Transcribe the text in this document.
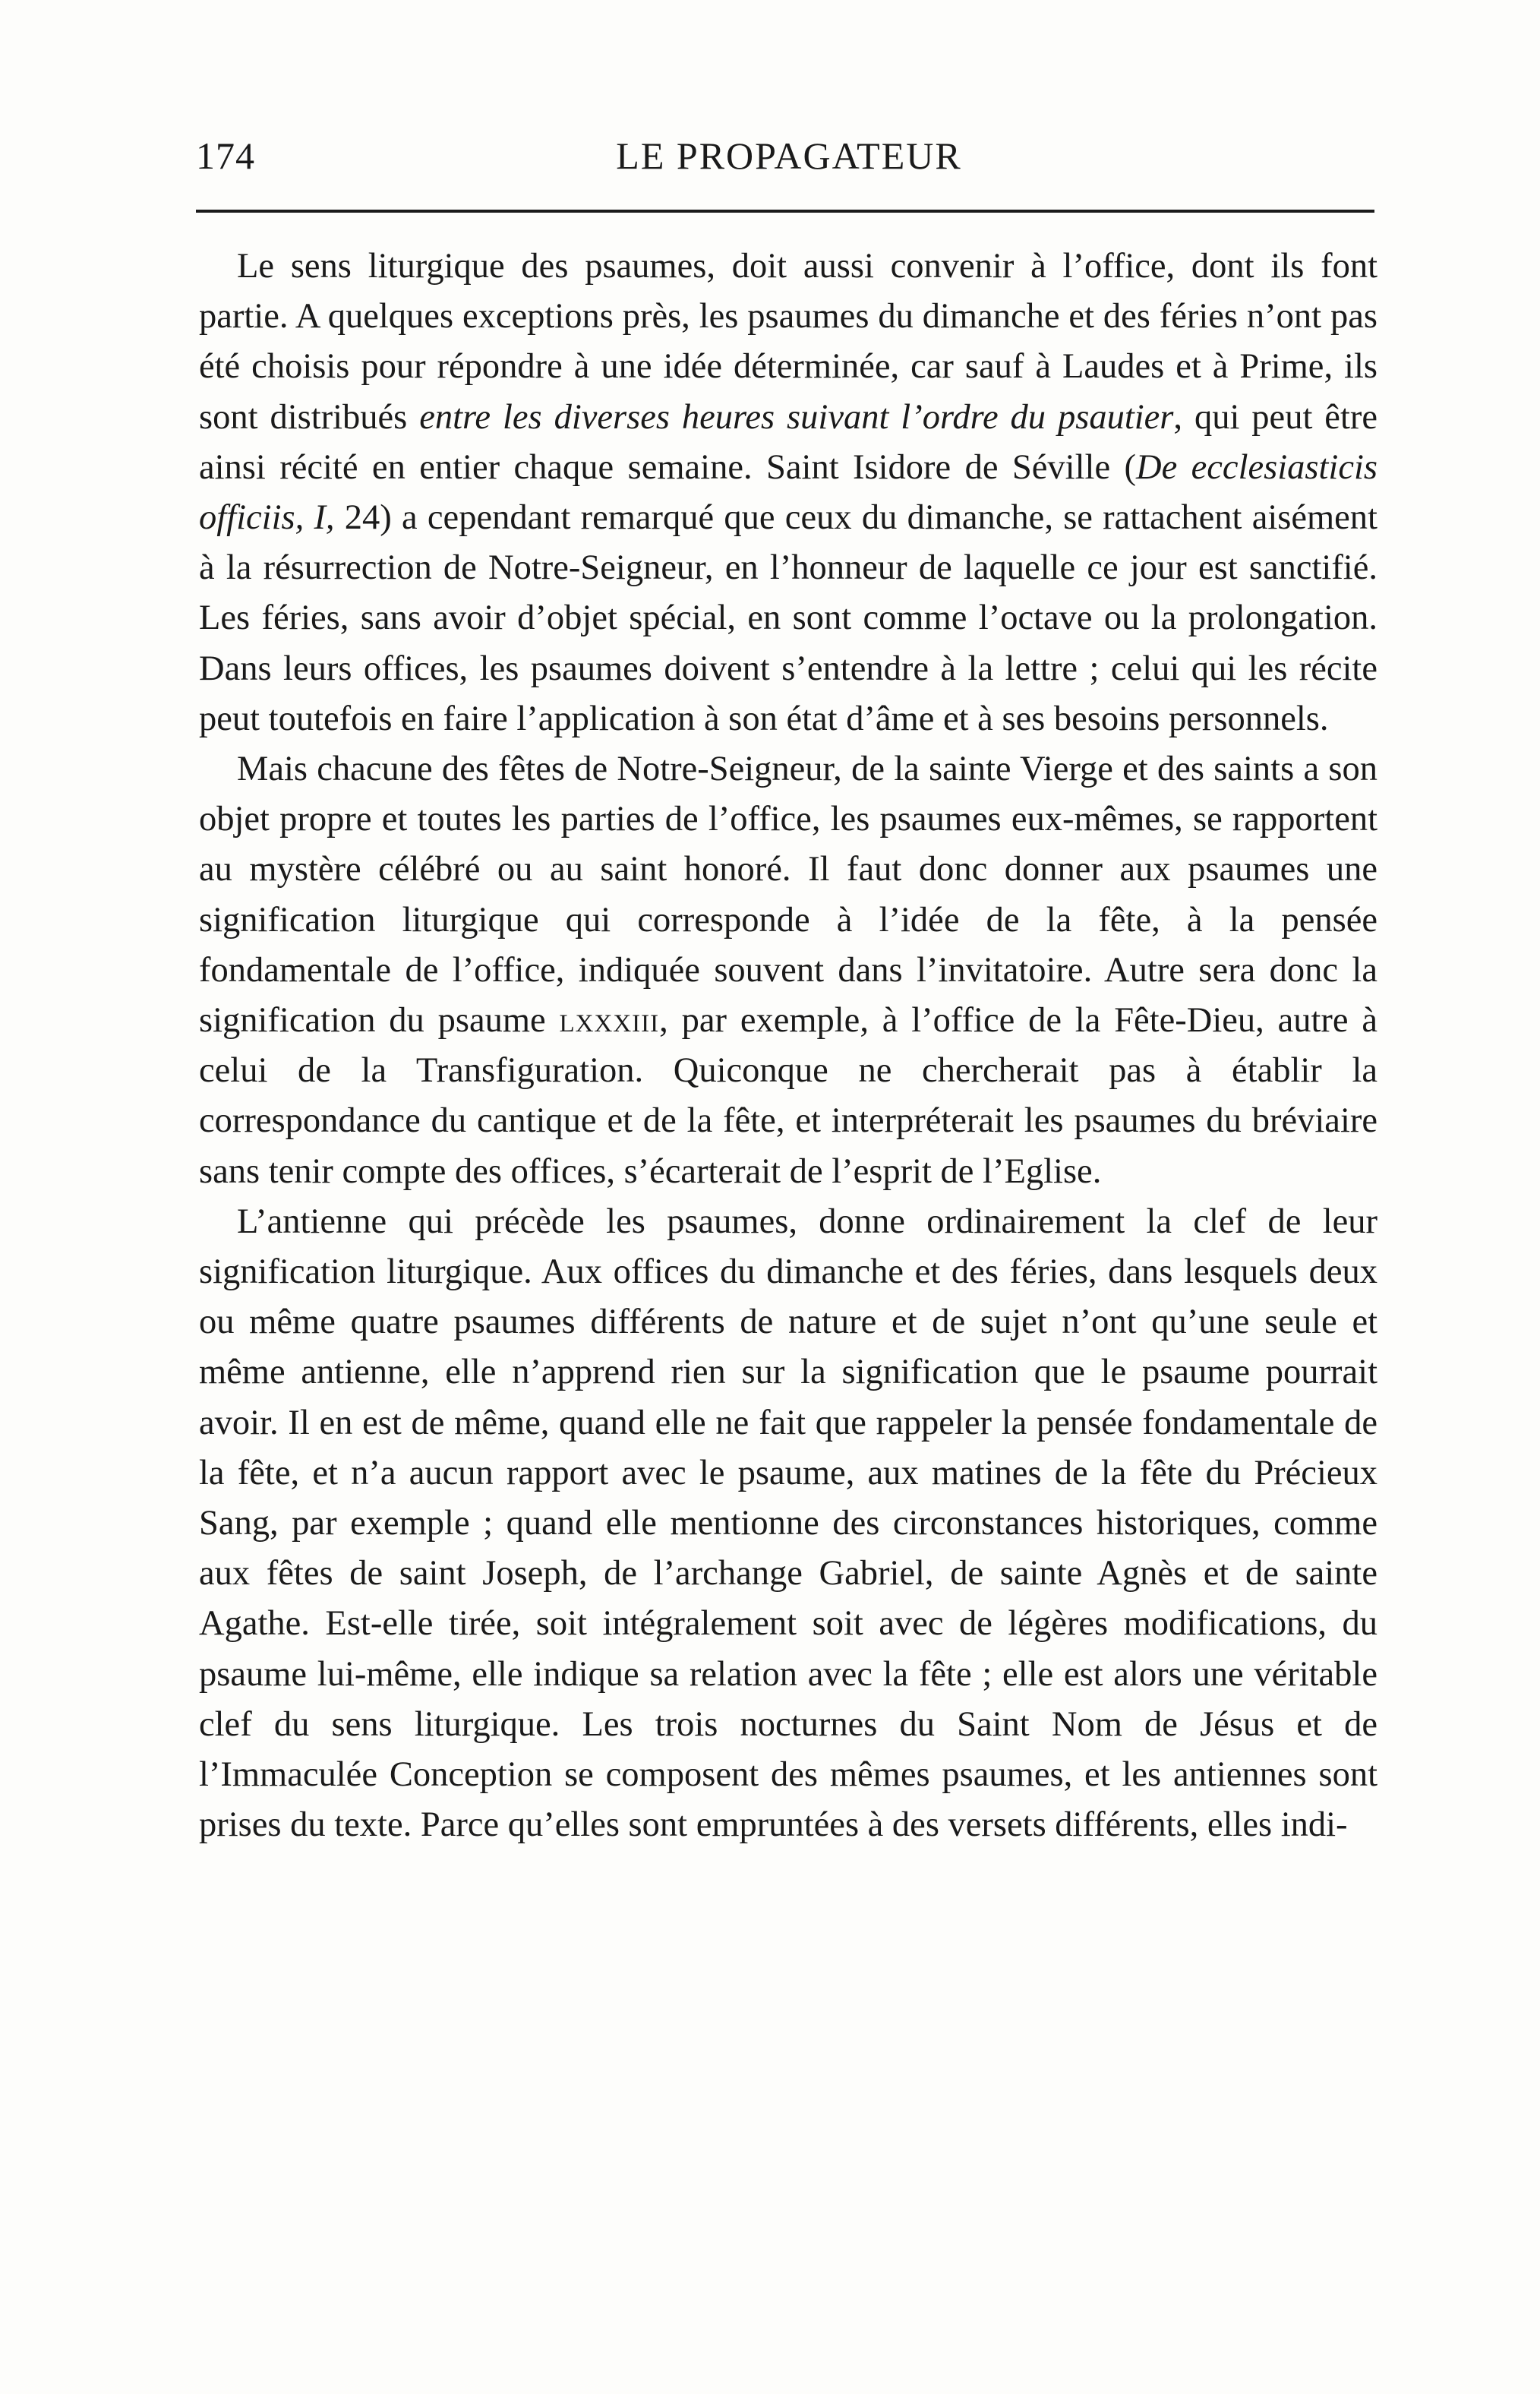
174	LE PROPAGATEUR

Le sens liturgique des psaumes, doit aussi convenir à l’office, dont ils font partie. A quelques exceptions près, les psaumes du dimanche et des féries n’ont pas été choisis pour répondre à une idée déterminée, car sauf à Laudes et à Prime, ils sont distribués entre les diverses heures suivant l’ordre du psautier, qui peut être ainsi récité en entier chaque semaine. Saint Isidore de Séville (De ecclesiasticis officiis, I, 24) a cependant remarqué que ceux du dimanche, se rattachent aisément à la résurrection de Notre-Seigneur, en l’honneur de laquelle ce jour est sanctifié. Les féries, sans avoir d’objet spécial, en sont comme l’octave ou la prolongation. Dans leurs offices, les psaumes doivent s’entendre à la lettre ; celui qui les récite peut toutefois en faire l’application à son état d’âme et à ses besoins personnels.

Mais chacune des fêtes de Notre-Seigneur, de la sainte Vierge et des saints a son objet propre et toutes les parties de l’office, les psaumes eux-mêmes, se rapportent au mystère célébré ou au saint honoré. Il faut donc donner aux psaumes une signification liturgique qui corresponde à l’idée de la fête, à la pensée fondamentale de l’office, indiquée souvent dans l’invitatoire. Autre sera donc la signification du psaume lxxxiii, par exemple, à l’office de la Fête-Dieu, autre à celui de la Transfiguration. Quiconque ne chercherait pas à établir la correspondance du cantique et de la fête, et interpréterait les psaumes du bréviaire sans tenir compte des offices, s’écarterait de l’esprit de l’Eglise.

L’antienne qui précède les psaumes, donne ordinairement la clef de leur signification liturgique. Aux offices du dimanche et des féries, dans lesquels deux ou même quatre psaumes différents de nature et de sujet n’ont qu’une seule et même antienne, elle n’apprend rien sur la signification que le psaume pourrait avoir. Il en est de même, quand elle ne fait que rappeler la pensée fondamentale de la fête, et n’a aucun rapport avec le psaume, aux matines de la fête du Précieux Sang, par exemple ; quand elle mentionne des circonstances historiques, comme aux fêtes de saint Joseph, de l’archange Gabriel, de sainte Agnès et de sainte Agathe. Est-elle tirée, soit intégralement soit avec de légères modifications, du psaume lui-même, elle indique sa relation avec la fête ; elle est alors une véritable clef du sens liturgique. Les trois nocturnes du Saint Nom de Jésus et de l’Immaculée Conception se composent des mêmes psaumes, et les antiennes sont prises du texte. Parce qu’elles sont empruntées à des versets différents, elles indi-
